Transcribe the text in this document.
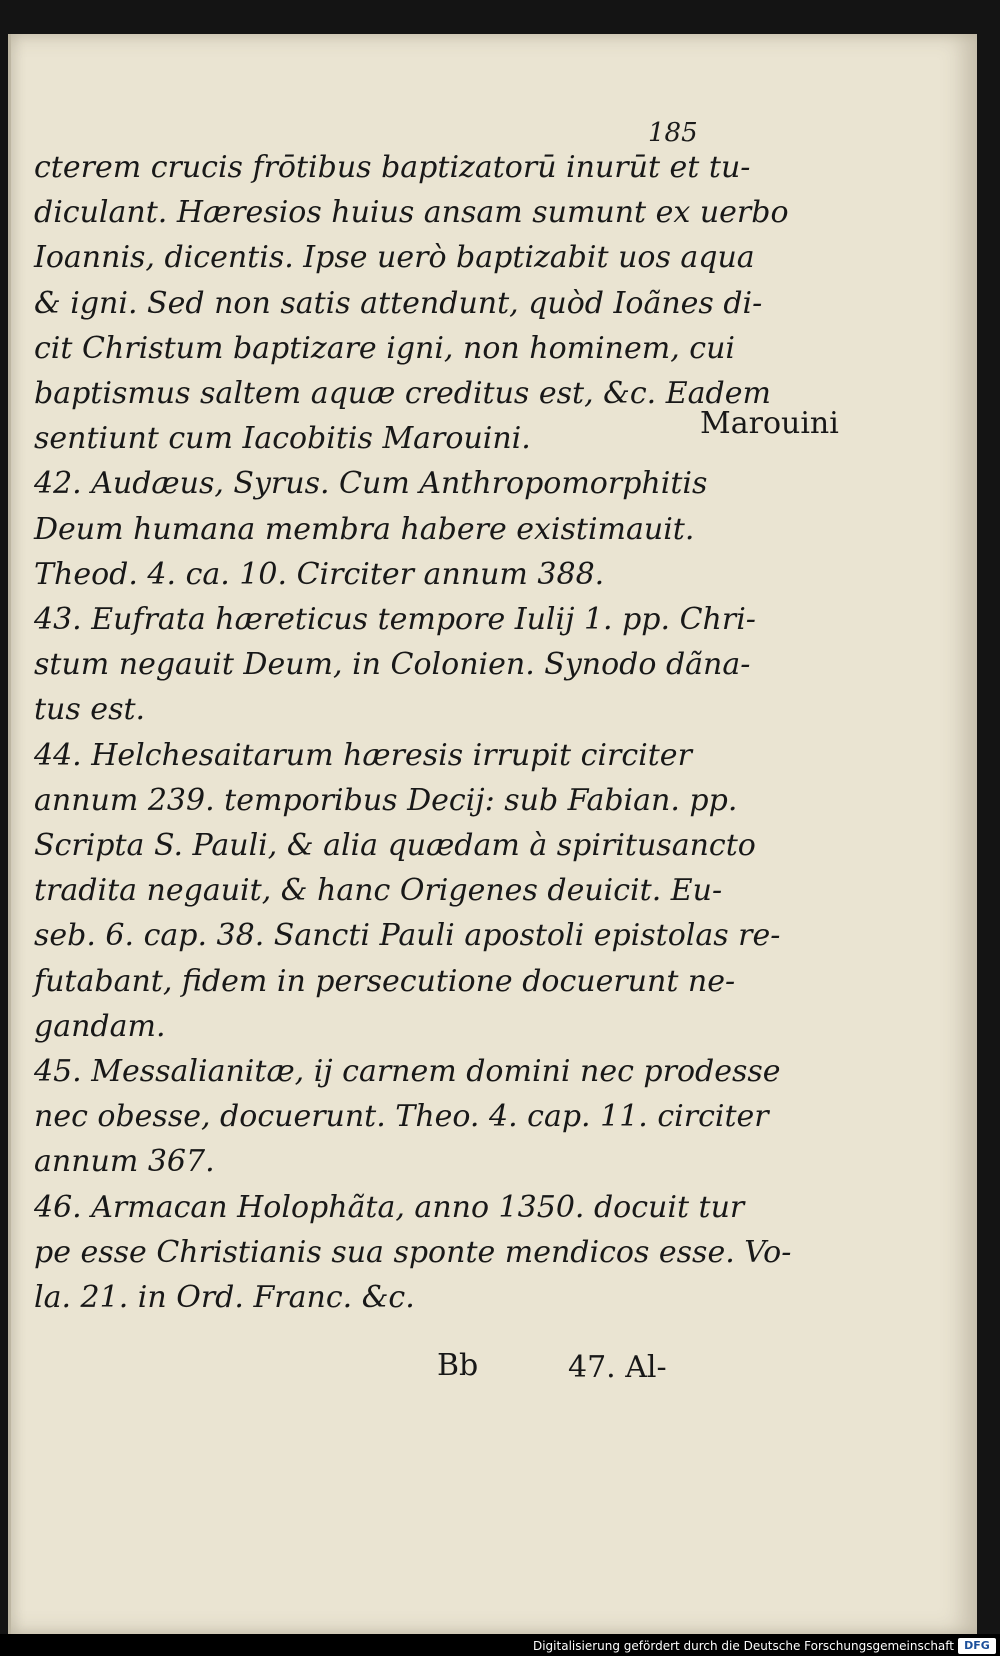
185
cterem crucis frōtibus baptizatorū inurūt et tu-
diculant. Hæresios huius ansam sumunt ex uerbo
Ioannis, dicentis. Ipse uerò baptizabit uos aqua
& igni. Sed non satis attendunt, quòd Ioãnes di-
cit Christum baptizare igni, non hominem, cui
baptismus saltem aquæ creditus est, &c. Eadem
sentiunt cum Iacobitis Marouini.
42. Audæus, Syrus. Cum Anthropomorphitis
Deum humana membra habere existimauit.
Theod. 4. ca. 10. Circiter annum 388.
43. Eufrata hæreticus tempore Iulij 1. pp. Chri-
stum negauit Deum, in Colonien. Synodo dãna-
tus est.
44. Helchesaitarum hæresis irrupit circiter
annum 239. temporibus Decij: sub Fabian. pp.
Scripta S. Pauli, & alia quædam à spiritusancto
tradita negauit, & hanc Origenes deuicit. Eu-
seb. 6. cap. 38. Sancti Pauli apostoli epistolas re-
futabant, fidem in persecutione docuerunt ne-
gandam.
45. Messalianitæ, ij carnem domini nec prodesse
nec obesse, docuerunt. Theo. 4. cap. 11. circiter
annum 367.
46. Armacan Holophãta, anno 1350. docuit tur
pe esse Christianis sua sponte mendicos esse. Vo-
la. 21. in Ord. Franc. &c.
Marouini
Bb	47. Al-
Digitalisierung gefördert durch die Deutsche Forschungsgemeinschaft DFG
